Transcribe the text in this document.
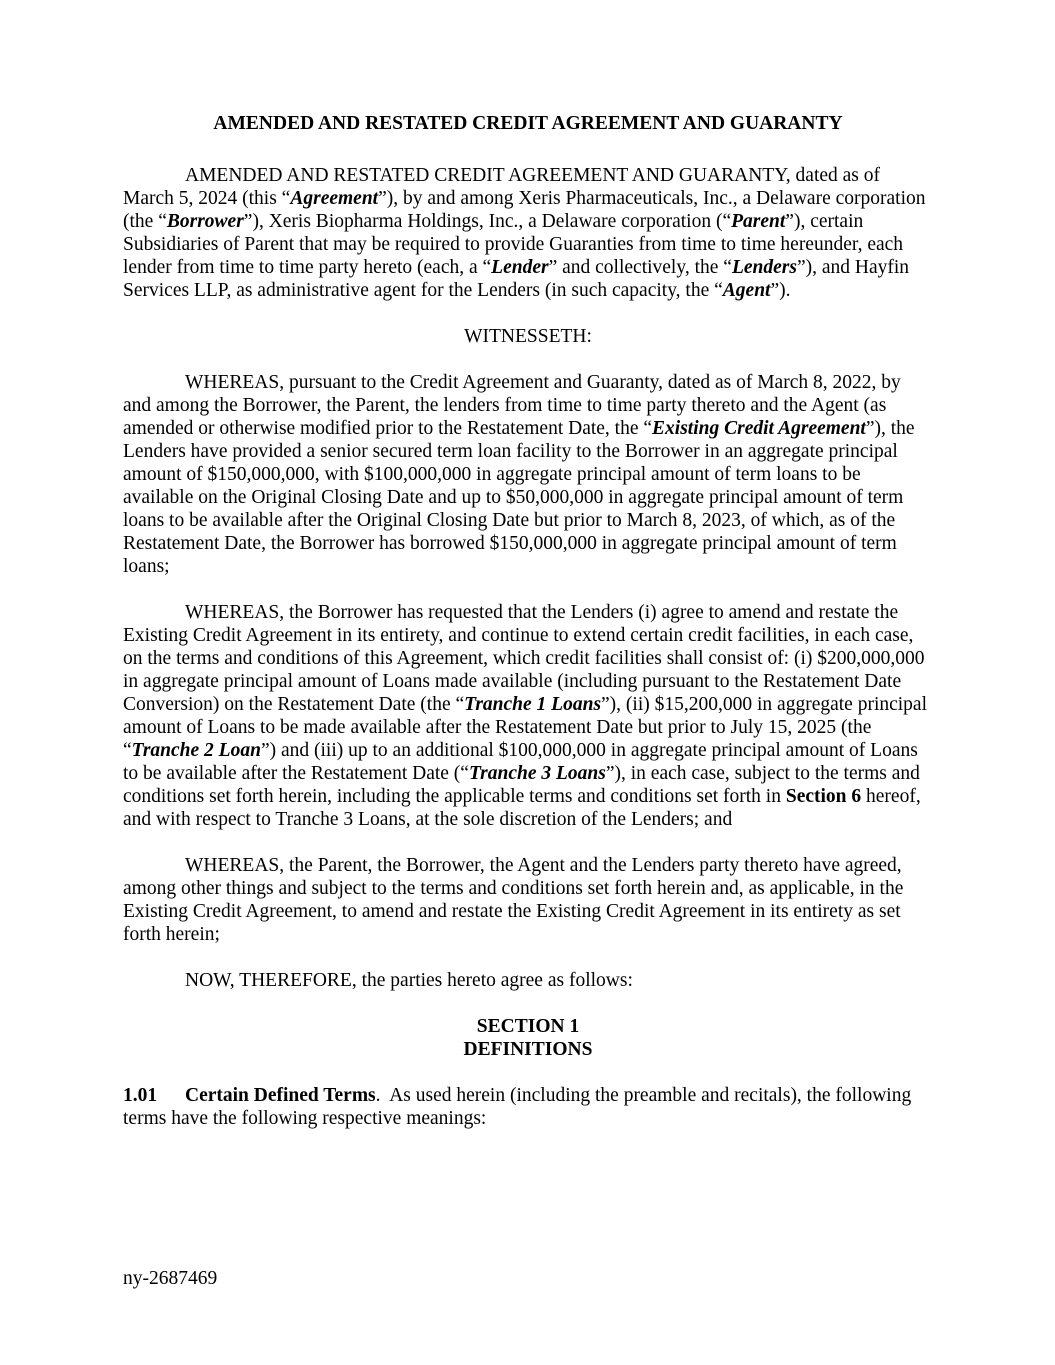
AMENDED AND RESTATED CREDIT AGREEMENT AND GUARANTY

AMENDED AND RESTATED CREDIT AGREEMENT AND GUARANTY, dated as of March 5, 2024 (this “Agreement”), by and among Xeris Pharmaceuticals, Inc., a Delaware corporation (the “Borrower”), Xeris Biopharma Holdings, Inc., a Delaware corporation (“Parent”), certain Subsidiaries of Parent that may be required to provide Guaranties from time to time hereunder, each lender from time to time party hereto (each, a “Lender” and collectively, the “Lenders”), and Hayfin Services LLP, as administrative agent for the Lenders (in such capacity, the “Agent”).

WITNESSETH:

WHEREAS, pursuant to the Credit Agreement and Guaranty, dated as of March 8, 2022, by and among the Borrower, the Parent, the lenders from time to time party thereto and the Agent (as amended or otherwise modified prior to the Restatement Date, the “Existing Credit Agreement”), the Lenders have provided a senior secured term loan facility to the Borrower in an aggregate principal amount of $150,000,000, with $100,000,000 in aggregate principal amount of term loans to be available on the Original Closing Date and up to $50,000,000 in aggregate principal amount of term loans to be available after the Original Closing Date but prior to March 8, 2023, of which, as of the Restatement Date, the Borrower has borrowed $150,000,000 in aggregate principal amount of term loans;

WHEREAS, the Borrower has requested that the Lenders (i) agree to amend and restate the Existing Credit Agreement in its entirety, and continue to extend certain credit facilities, in each case, on the terms and conditions of this Agreement, which credit facilities shall consist of: (i) $200,000,000 in aggregate principal amount of Loans made available (including pursuant to the Restatement Date Conversion) on the Restatement Date (the “Tranche 1 Loans”), (ii) $15,200,000 in aggregate principal amount of Loans to be made available after the Restatement Date but prior to July 15, 2025 (the “Tranche 2 Loan”) and (iii) up to an additional $100,000,000 in aggregate principal amount of Loans to be available after the Restatement Date (“Tranche 3 Loans”), in each case, subject to the terms and conditions set forth herein, including the applicable terms and conditions set forth in Section 6 hereof, and with respect to Tranche 3 Loans, at the sole discretion of the Lenders; and

WHEREAS, the Parent, the Borrower, the Agent and the Lenders party thereto have agreed, among other things and subject to the terms and conditions set forth herein and, as applicable, in the Existing Credit Agreement, to amend and restate the Existing Credit Agreement in its entirety as set forth herein;

NOW, THEREFORE, the parties hereto agree as follows:

SECTION 1
DEFINITIONS

1.01 Certain Defined Terms.  As used herein (including the preamble and recitals), the following terms have the following respective meanings:

ny-2687469
